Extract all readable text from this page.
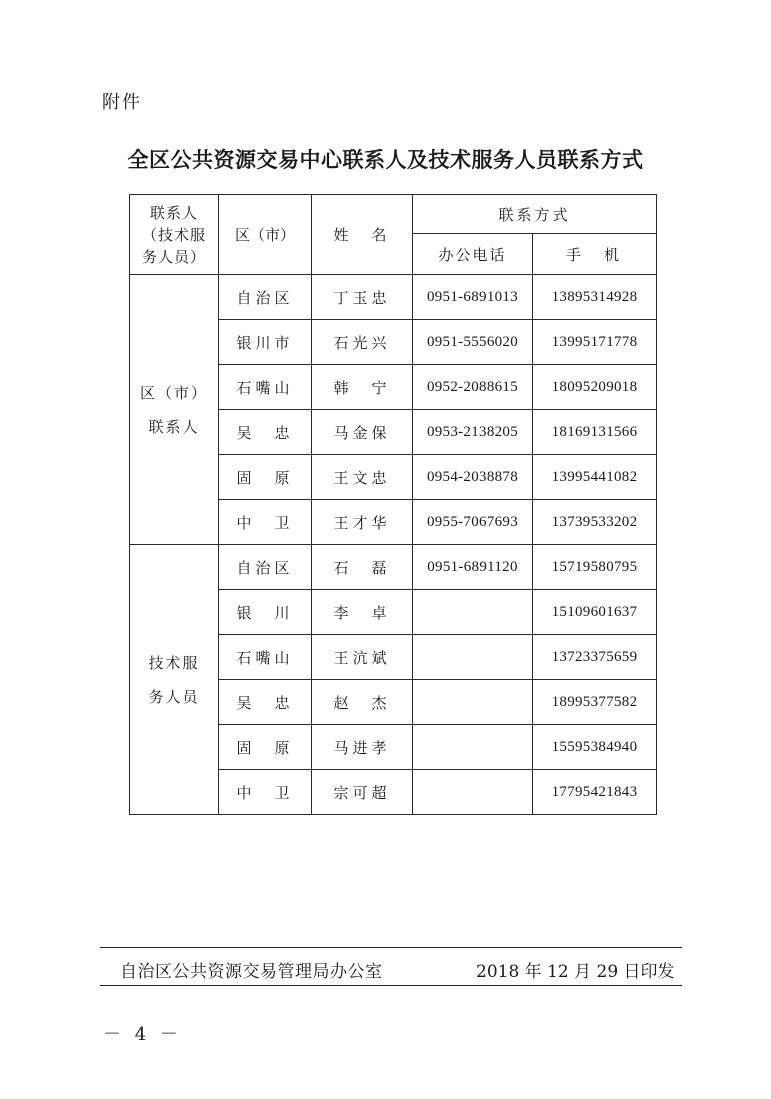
附件
全区公共资源交易中心联系人及技术服务人员联系方式
联系人
（技术服
务人员）	区（市）	姓　名	联系方式	
			办公电话	手　机

区（市）
联系人	自治区	丁玉忠	0951-6891013	13895314928
	银川市	石光兴	0951-5556020	13995171778
	石嘴山	韩　宁	0952-2088615	18095209018
	吴　忠	马金保	0953-2138205	18169131566
	固　原	王文忠	0954-2038878	13995441082
	中　卫	王才华	0955-7067693	13739533202

技术服
务人员	自治区	石　磊	0951-6891120	15719580795
	银　川	李　卓		15109601637
	石嘴山	王沆斌		13723375659
	吴　忠	赵　杰		18995377582
	固　原	马进孝		15595384940
	中　卫	宗可超		17795421843
自治区公共资源交易管理局办公室	2018 年 12 月 29 日印发
－ 4 －
